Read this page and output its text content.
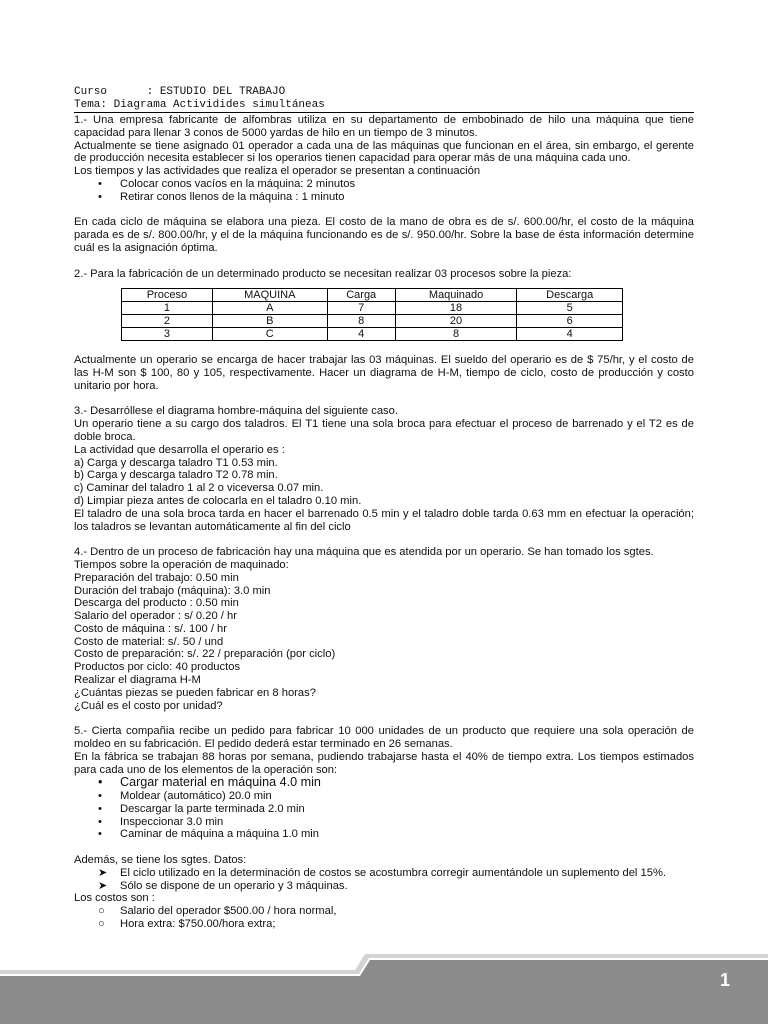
Curso      : ESTUDIO DEL TRABAJO
Tema: Diagrama Actividides simultáneas

1.- Una empresa fabricante de alfombras utiliza en su departamento de embobinado de hilo una máquina que tiene capacidad para llenar 3 conos de 5000 yardas de hilo en un tiempo de 3 minutos.

Actualmente se tiene asignado 01 operador a cada una de las máquinas que funcionan en el área, sin embargo, el gerente de producción necesita establecer si los operarios tienen capacidad para operar más de una máquina cada uno.

Los tiempos y las actividades que realiza el operador se presentan a continuación

•	Colocar conos vacíos en la máquina: 2 minutos
•	Retirar conos llenos de la máquina : 1 minuto

En cada ciclo de máquina se elabora una pieza. El costo de la mano de obra es de s/. 600.00/hr, el costo de la máquina parada es de s/. 800.00/hr, y el de la máquina funcionando es de s/. 950.00/hr. Sobre la base de ésta información determine cuál es la asignación óptima.

2.- Para la fabricación de un determinado producto se necesitan realizar 03 procesos sobre la pieza:

Proceso	MAQUINA	Carga	Maquinado	Descarga
1	A	7	18	5
2	B	8	20	6
3	C	4	8	4

Actualmente un operario se encarga de hacer trabajar las 03 máquinas. El sueldo del operario es de $ 75/hr, y el costo de las H-M son $ 100, 80 y 105, respectivamente. Hacer un diagrama de H-M, tiempo de ciclo, costo de producción y costo unitario por hora.

3.- Desarróllese el diagrama hombre-máquina del siguiente caso.

Un operario tiene a su cargo dos taladros. El T1 tiene una sola broca para efectuar el proceso de barrenado y el T2 es de doble broca.

La actividad que desarrolla el operario es :

a) Carga y descarga taladro T1 0.53 min.

b) Carga y descarga taladro T2 0.78 min.

c) Caminar del taladro 1 al 2 o viceversa 0.07 min.

d) Limpiar pieza antes de colocarla en el taladro 0.10 min.

El taladro de una sola broca tarda en hacer el barrenado 0.5 min y el taladro doble tarda 0.63 mm en efectuar la operación; los taladros se levantan automáticamente al fin del ciclo

4.- Dentro de un proceso de fabricación hay una máquina que es atendida por un operario. Se han tomado los sgtes.

Tiempos sobre la operación de maquinado:

Preparación del trabajo: 0.50 min

Duración del trabajo (máquina): 3.0 min

Descarga del producto : 0.50 min

Salario del operador : s/ 0.20 / hr

Costo de máquina : s/. 100 / hr

Costo de material: s/. 50 / und

Costo de preparación: s/. 22 / preparación (por ciclo)

Productos por ciclo: 40 productos

Realizar el diagrama H-M

¿Cuántas piezas se pueden fabricar en 8 horas?

¿Cuál es el costo por unidad?

5.- Cierta compañia recibe un pedido para fabricar 10 000 unidades de un producto que requiere una sola operación de moldeo en su fabricación. El pedido dederá estar terminado en 26 semanas.

En la fábrica se trabajan 88 horas por semana, pudiendo trabajarse hasta el 40% de tiempo extra. Los tiempos estimados para cada uno de los elementos de la operación son:

•	Cargar material en máquina 4.0 min
•	Moldear (automático) 20.0 min
•	Descargar la parte terminada 2.0 min
•	Inspeccionar 3.0 min
•	Caminar de máquina a máquina 1.0 min

Además, se tiene los sgtes. Datos:

➤	El ciclo utilizado en la determinación de costos se acostumbra corregir aumentándole un suplemento del 15%.
➤	Sólo se dispone de un operario y 3 máquinas.

Los costos son :

○	Salario del operador $500.00 / hora normal,
○	Hora extra: $750.00/hora extra;
1
